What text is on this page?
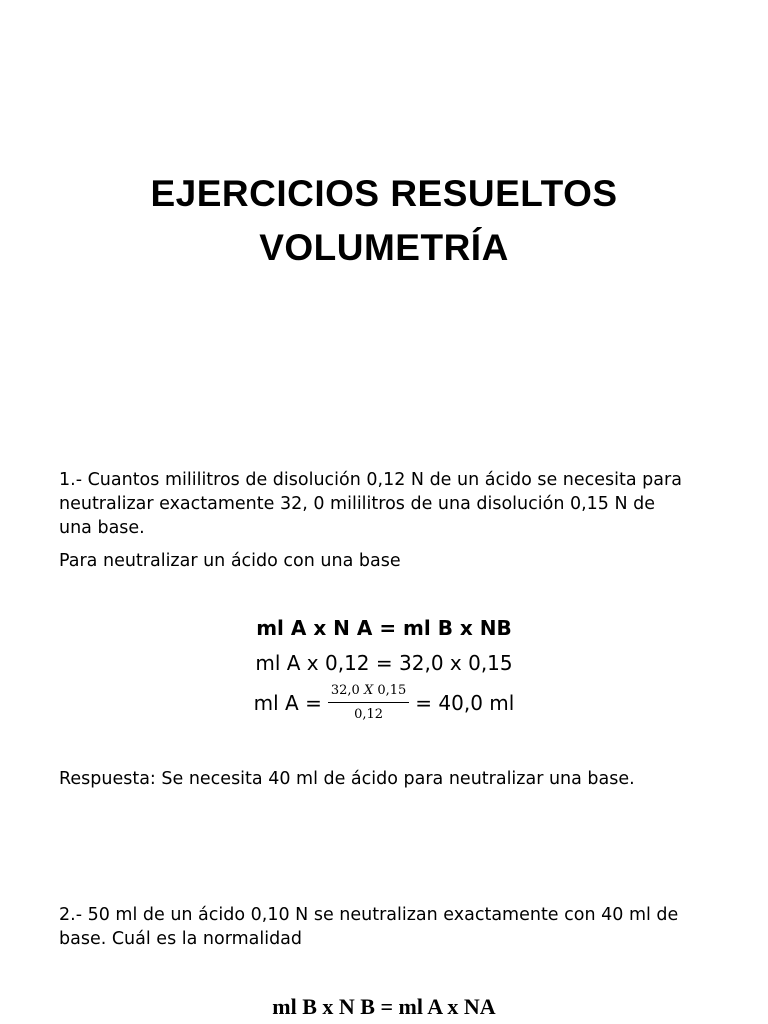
EJERCICIOS RESUELTOS
VOLUMETRÍA
1.- Cuantos mililitros de disolución 0,12 N de un ácido se necesita para
neutralizar exactamente 32, 0 mililitros de una disolución 0,15 N de
una base.
Para neutralizar un ácido con una base
ml A x N A = ml B x NB
ml A x 0,12 = 32,0 x 0,15
ml $A = \frac{32,0 X 0,15}{0,12} = 40,0$ ml
Respuesta: Se necesita 40 ml de ácido para neutralizar una base.
2.- 50 ml de un ácido 0,10 N se neutralizan exactamente con 40 ml de
base. Cuál es la normalidad
ml B x N B = ml A x NA
